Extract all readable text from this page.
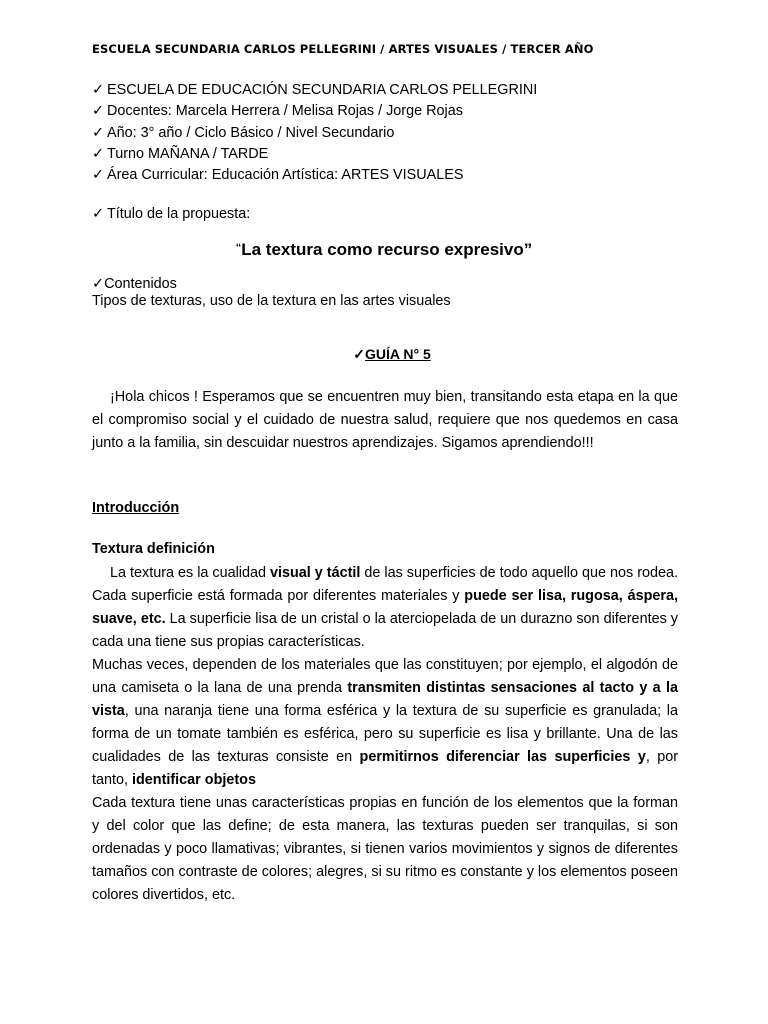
ESCUELA SECUNDARIA CARLOS PELLEGRINI / ARTES VISUALES / TERCER AÑO
✓ ESCUELA DE EDUCACIÓN SECUNDARIA CARLOS PELLEGRINI
✓ Docentes: Marcela Herrera / Melisa Rojas / Jorge Rojas
✓ Año: 3° año / Ciclo Básico / Nivel Secundario
✓ Turno MAÑANA / TARDE
✓ Área Curricular: Educación Artística: ARTES VISUALES
✓ Título de la propuesta:
“La textura como recurso expresivo”
✓Contenidos
Tipos de texturas, uso de la textura en las artes visuales
✓GUÍA N° 5
¡Hola chicos ! Esperamos que se encuentren muy bien, transitando esta etapa en la que el compromiso social y el cuidado de nuestra salud, requiere que nos quedemos en casa junto a la familia, sin descuidar nuestros aprendizajes. Sigamos aprendiendo!!!
Introducción
Textura definición
La textura es la cualidad visual y táctil de las superficies de todo aquello que nos rodea. Cada superficie está formada por diferentes materiales y puede ser lisa, rugosa, áspera, suave, etc. La superficie lisa de un cristal o la aterciopelada de un durazno son diferentes y cada una tiene sus propias características.
Muchas veces, dependen de los materiales que las constituyen; por ejemplo, el algodón de una camiseta o la lana de una prenda transmiten distintas sensaciones al tacto y a la vista, una naranja tiene una forma esférica y la textura de su superficie es granulada; la forma de un tomate también es esférica, pero su superficie es lisa y brillante. Una de las cualidades de las texturas consiste en permitirnos diferenciar las superficies y, por tanto, identificar objetos
Cada textura tiene unas características propias en función de los elementos que la forman y del color que las define; de esta manera, las texturas pueden ser tranquilas, si son ordenadas y poco llamativas; vibrantes, si tienen varios movimientos y signos de diferentes tamaños con contraste de colores; alegres, si su ritmo es constante y los elementos poseen colores divertidos, etc.
